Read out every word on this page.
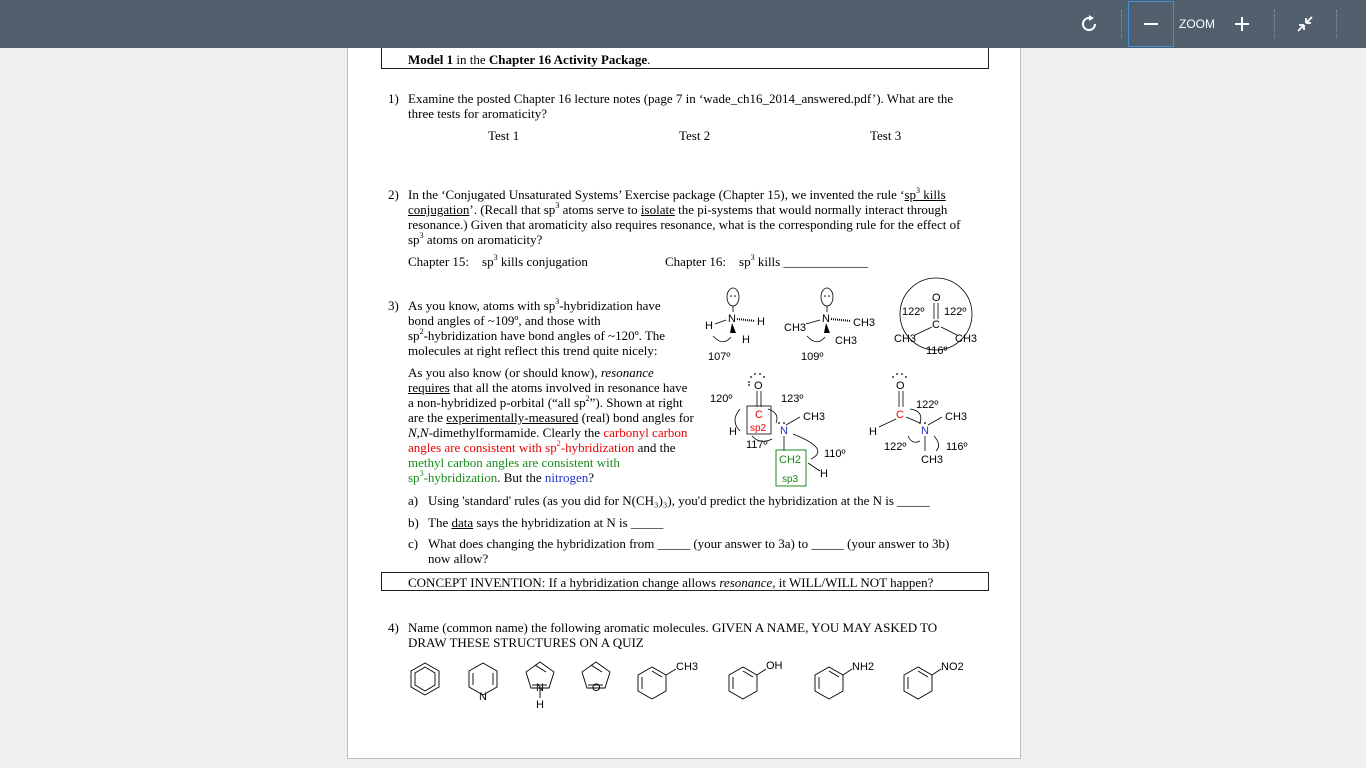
ZOOM
Model 1 in the Chapter 16 Activity Package.
1) Examine the posted Chapter 16 lecture notes (page 7 in ‘wade_ch16_2014_answered.pdf’). What are the
three tests for aromaticity?
Test 1	Test 2	Test 3
2) In the ‘Conjugated Unsaturated Systems’ Exercise package (Chapter 15), we invented the rule ‘$sp^3$ kills
conjugation’. (Recall that $sp^3$ atoms serve to isolate the pi-systems that would normally interact through
resonance.) Given that aromaticity also requires resonance, what is the corresponding rule for the effect of
$sp^3$ atoms on aromaticity?
Chapter 15:    $sp^3$ kills conjugation	Chapter 16:    $sp^3$ kills _____________
3) As you know, atoms with $sp^3$-hybridization have
bond angles of ~109º, and those with
$sp^2$-hybridization have bond angles of ~120º. The
molecules at right reflect this trend quite nicely:
As you also know (or should know), resonance
requires that all the atoms involved in resonance have
a non-hybridized p-orbital (“all $sp^2$”). Shown at right
are the experimentally-measured (real) bond angles for
N,N-dimethylformamide. Clearly the carbonyl carbon
angles are consistent with $sp^2$-hybridization and the
methyl carbon angles are consistent with
$sp^3$-hybridization. But the nitrogen?
a) Using 'standard' rules (as you did for N(CH₃)₃), you'd predict the hybridization at the N is _____
b) The data says the hybridization at N is _____
c) What does changing the hybridization from _____ (your answer to 3a) to _____ (your answer to 3b)
now allow?
CONCEPT INVENTION: If a hybridization change allows resonance, it WILL/WILL NOT happen?
4) Name (common name) the following aromatic molecules. GIVEN A NAME, YOU MAY ASKED TO
DRAW THESE STRUCTURES ON A QUIZ
N
H	H
H
107º
N
CH3	CH3
CH3
109º
O
C
CH3	CH3
122º 122º
116º
O
C
sp2
H	N
CH3
CH2
sp3 H
120º	123º
117º
110º
O
C
H	N
CH3
CH3
122º
122º	116º
N
N
H
O
CH3	OH	NH2	NO2
